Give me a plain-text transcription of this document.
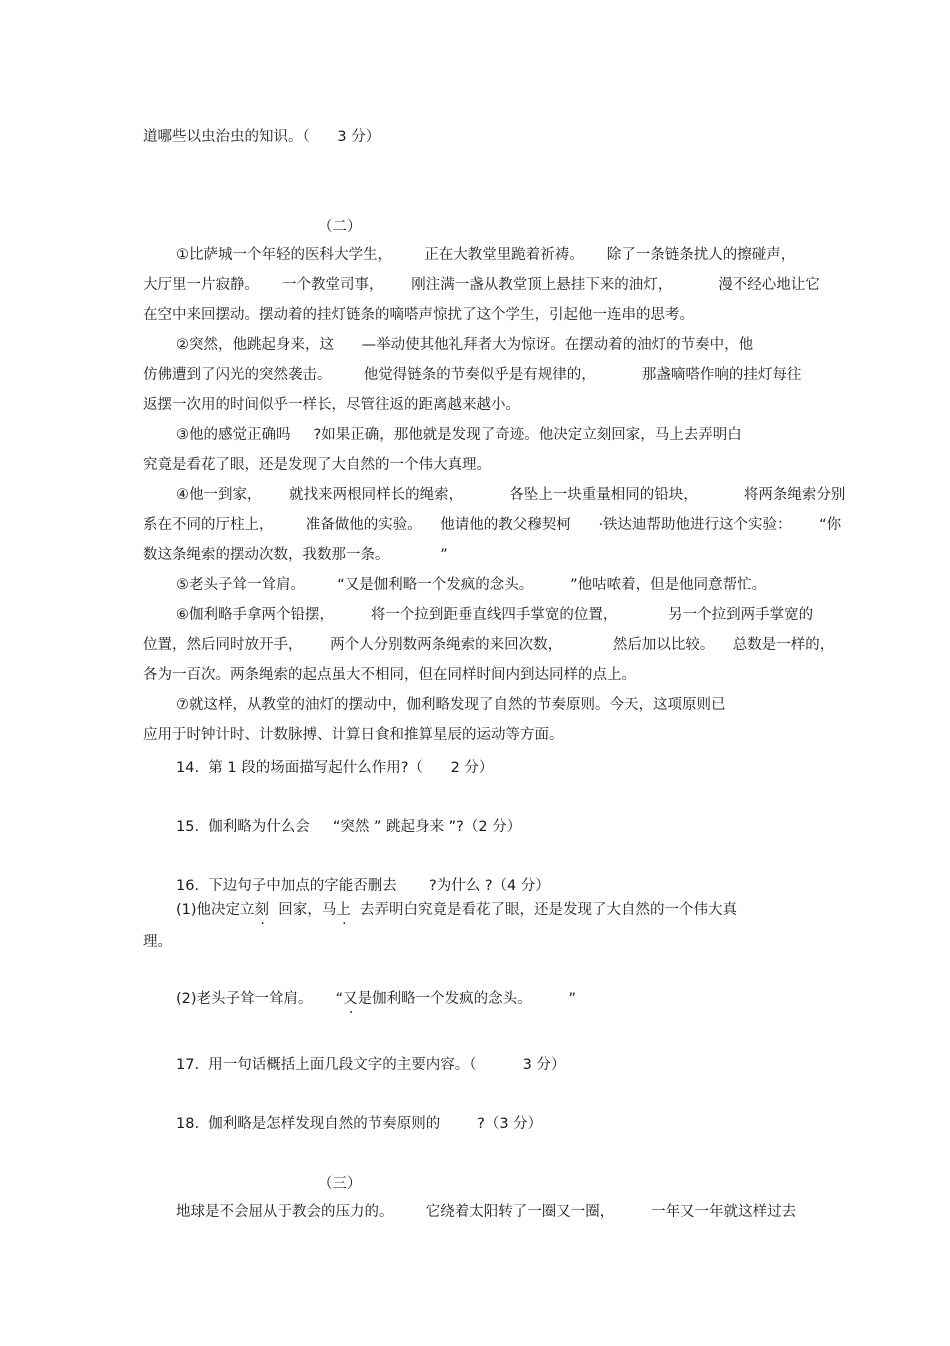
道哪些以虫治虫的知识。（      3 分）
（二）
①比萨城一个年轻的医科大学生，       正在大教堂里跪着祈祷。     除了一条链条扰人的擦碰声，
大厅里一片寂静。     一个教堂司事，      刚注满一盏从教堂顶上悬挂下来的油灯，          漫不经心地让它
在空中来回摆动。摆动着的挂灯链条的嘀嗒声惊扰了这个学生，引起他一连串的思考。
②突然，他跳起身来，这      —举动使其他礼拜者大为惊讶。在摆动着的油灯的节奏中，他
仿佛遭到了闪光的突然袭击。       他觉得链条的节奏似乎是有规律的，          那盏嘀嗒作响的挂灯每往
返摆一次用的时间似乎一样长，尽管往返的距离越来越小。
③他的感觉正确吗     ?如果正确，那他就是发现了奇迹。他决定立刻回家，马上去弄明白
究竟是看花了眼，还是发现了大自然的一个伟大真理。
④他一到家，      就找来两根同样长的绳索，          各坠上一块重量相同的铅块，          将两条绳索分别
系在不同的厅柱上，       准备做他的实验。    他请他的教父穆契柯      ·铁达迪帮助他进行这个实验：      “你
数这条绳索的摆动次数，我数那一条。           ”
⑤老头子耸一耸肩。       “又是伽利略一个发疯的念头。        ”他咕哝着，但是他同意帮忙。
⑥伽利略手拿两个铅摆，        将一个拉到距垂直线四手掌宽的位置，           另一个拉到两手掌宽的
位置，然后同时放开手，      两个人分别数两条绳索的来回次数，           然后加以比较。    总数是一样的，
各为一百次。两条绳索的起点虽大不相同，但在同样时间内到达同样的点上。
⑦就这样，从教堂的油灯的摆动中，伽利略发现了自然的节奏原则。今天，这项原则已
应用于时钟计时、计数脉搏、计算日食和推算星辰的运动等方面。
14.  第 1 段的场面描写起什么作用?（      2 分）
15.  伽利略为什么会     “突然 ” 跳起身来 ”?（2 分）
16.  下边句子中加点的字能否删去       ?为什么 ?（4 分）
(1)他决定立刻  回家，马上  去弄明白究竟是看花了眼，还是发现了大自然的一个伟大真
理。
(2)老头子耸一耸肩。     “又是伽利略一个发疯的念头。        ”
17.  用一句话概括上面几段文字的主要内容。（          3 分）
18.  伽利略是怎样发现自然的节奏原则的        ?（3 分）
（三）
地球是不会屈从于教会的压力的。       它绕着太阳转了一圈又一圈，        一年又一年就这样过去
